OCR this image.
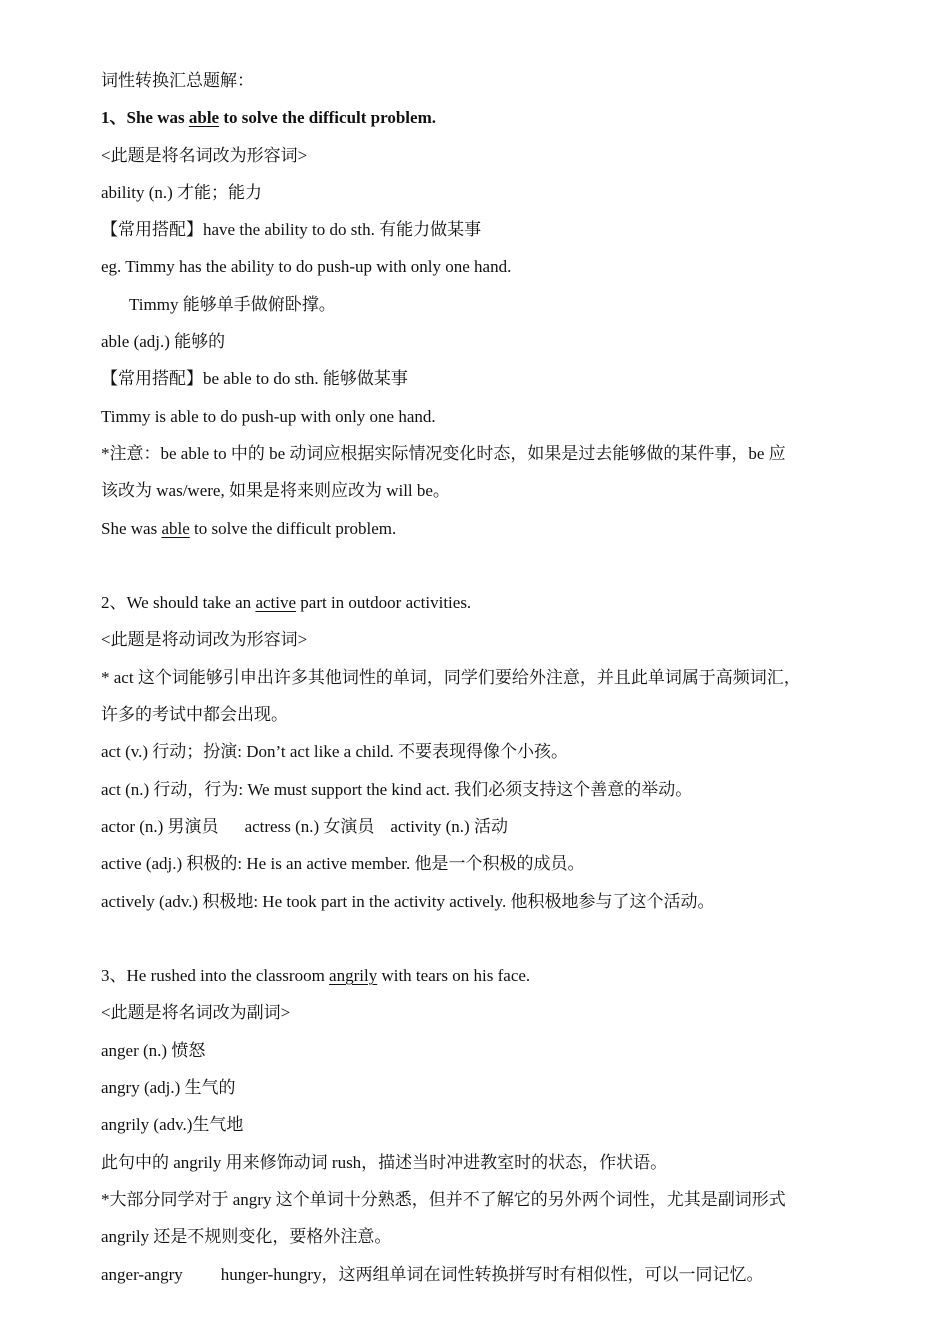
词性转换汇总题解：
1、She was able to solve the difficult problem.
<此题是将名词改为形容词>
ability (n.) 才能；能力
【常用搭配】have the ability to do sth. 有能力做某事
eg. Timmy has the ability to do push-up with only one hand.
Timmy 能够单手做俯卧撑。
able (adj.) 能够的
【常用搭配】be able to do sth. 能够做某事
Timmy is able to do push-up with only one hand.
*注意：be able to 中的 be 动词应根据实际情况变化时态，如果是过去能够做的某件事，be 应
该改为 was/were, 如果是将来则应改为 will be。
She was able to solve the difficult problem.
2、We should take an active part in outdoor activities.
<此题是将动词改为形容词>
* act 这个词能够引申出许多其他词性的单词，同学们要给外注意，并且此单词属于高频词汇，
许多的考试中都会出现。
act (v.) 行动；扮演: Don’t act like a child. 不要表现得像个小孩。
act (n.) 行动，行为: We must support the kind act. 我们必须支持这个善意的举动。
actor (n.) 男演员 actress (n.) 女演员 activity (n.) 活动
active (adj.) 积极的: He is an active member. 他是一个积极的成员。
actively (adv.) 积极地: He took part in the activity actively. 他积极地参与了这个活动。
3、He rushed into the classroom angrily with tears on his face.
<此题是将名词改为副词>
anger (n.) 愤怒
angry (adj.) 生气的
angrily (adv.)生气地
此句中的 angrily 用来修饰动词 rush，描述当时冲进教室时的状态，作状语。
*大部分同学对于 angry 这个单词十分熟悉，但并不了解它的另外两个词性，尤其是副词形式
angrily 还是不规则变化，要格外注意。
anger-angry hunger-hungry，这两组单词在词性转换拼写时有相似性，可以一同记忆。
